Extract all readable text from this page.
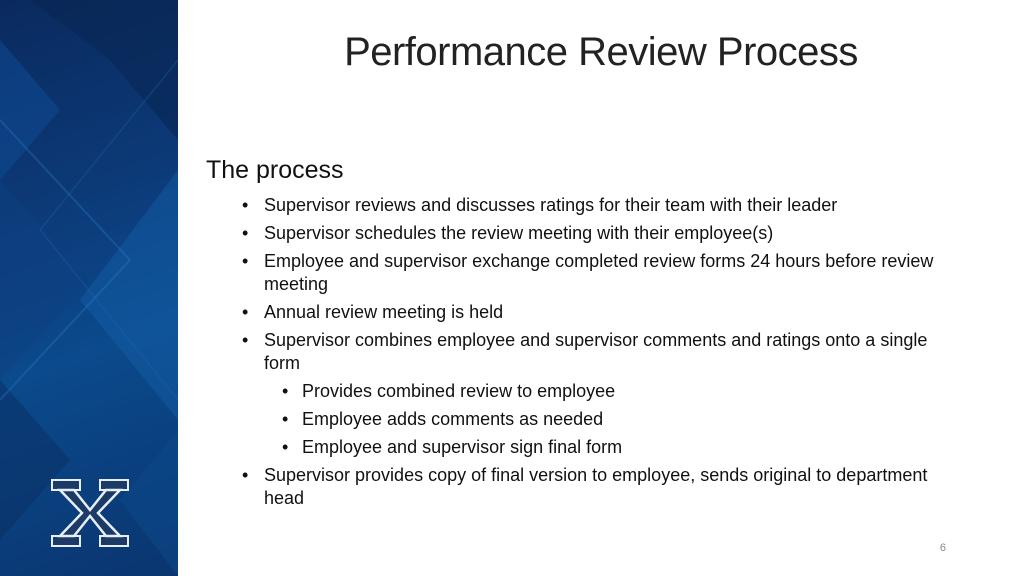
Performance Review Process
The process
• Supervisor reviews and discusses ratings for their team with their leader
• Supervisor schedules the review meeting with their employee(s)
• Employee and supervisor exchange completed review forms 24 hours before review meeting
• Annual review meeting is held
• Supervisor combines employee and supervisor comments and ratings onto a single form
• Provides combined review to employee
• Employee adds comments as needed
• Employee and supervisor sign final form
• Supervisor provides copy of final version to employee, sends original to department head
6
